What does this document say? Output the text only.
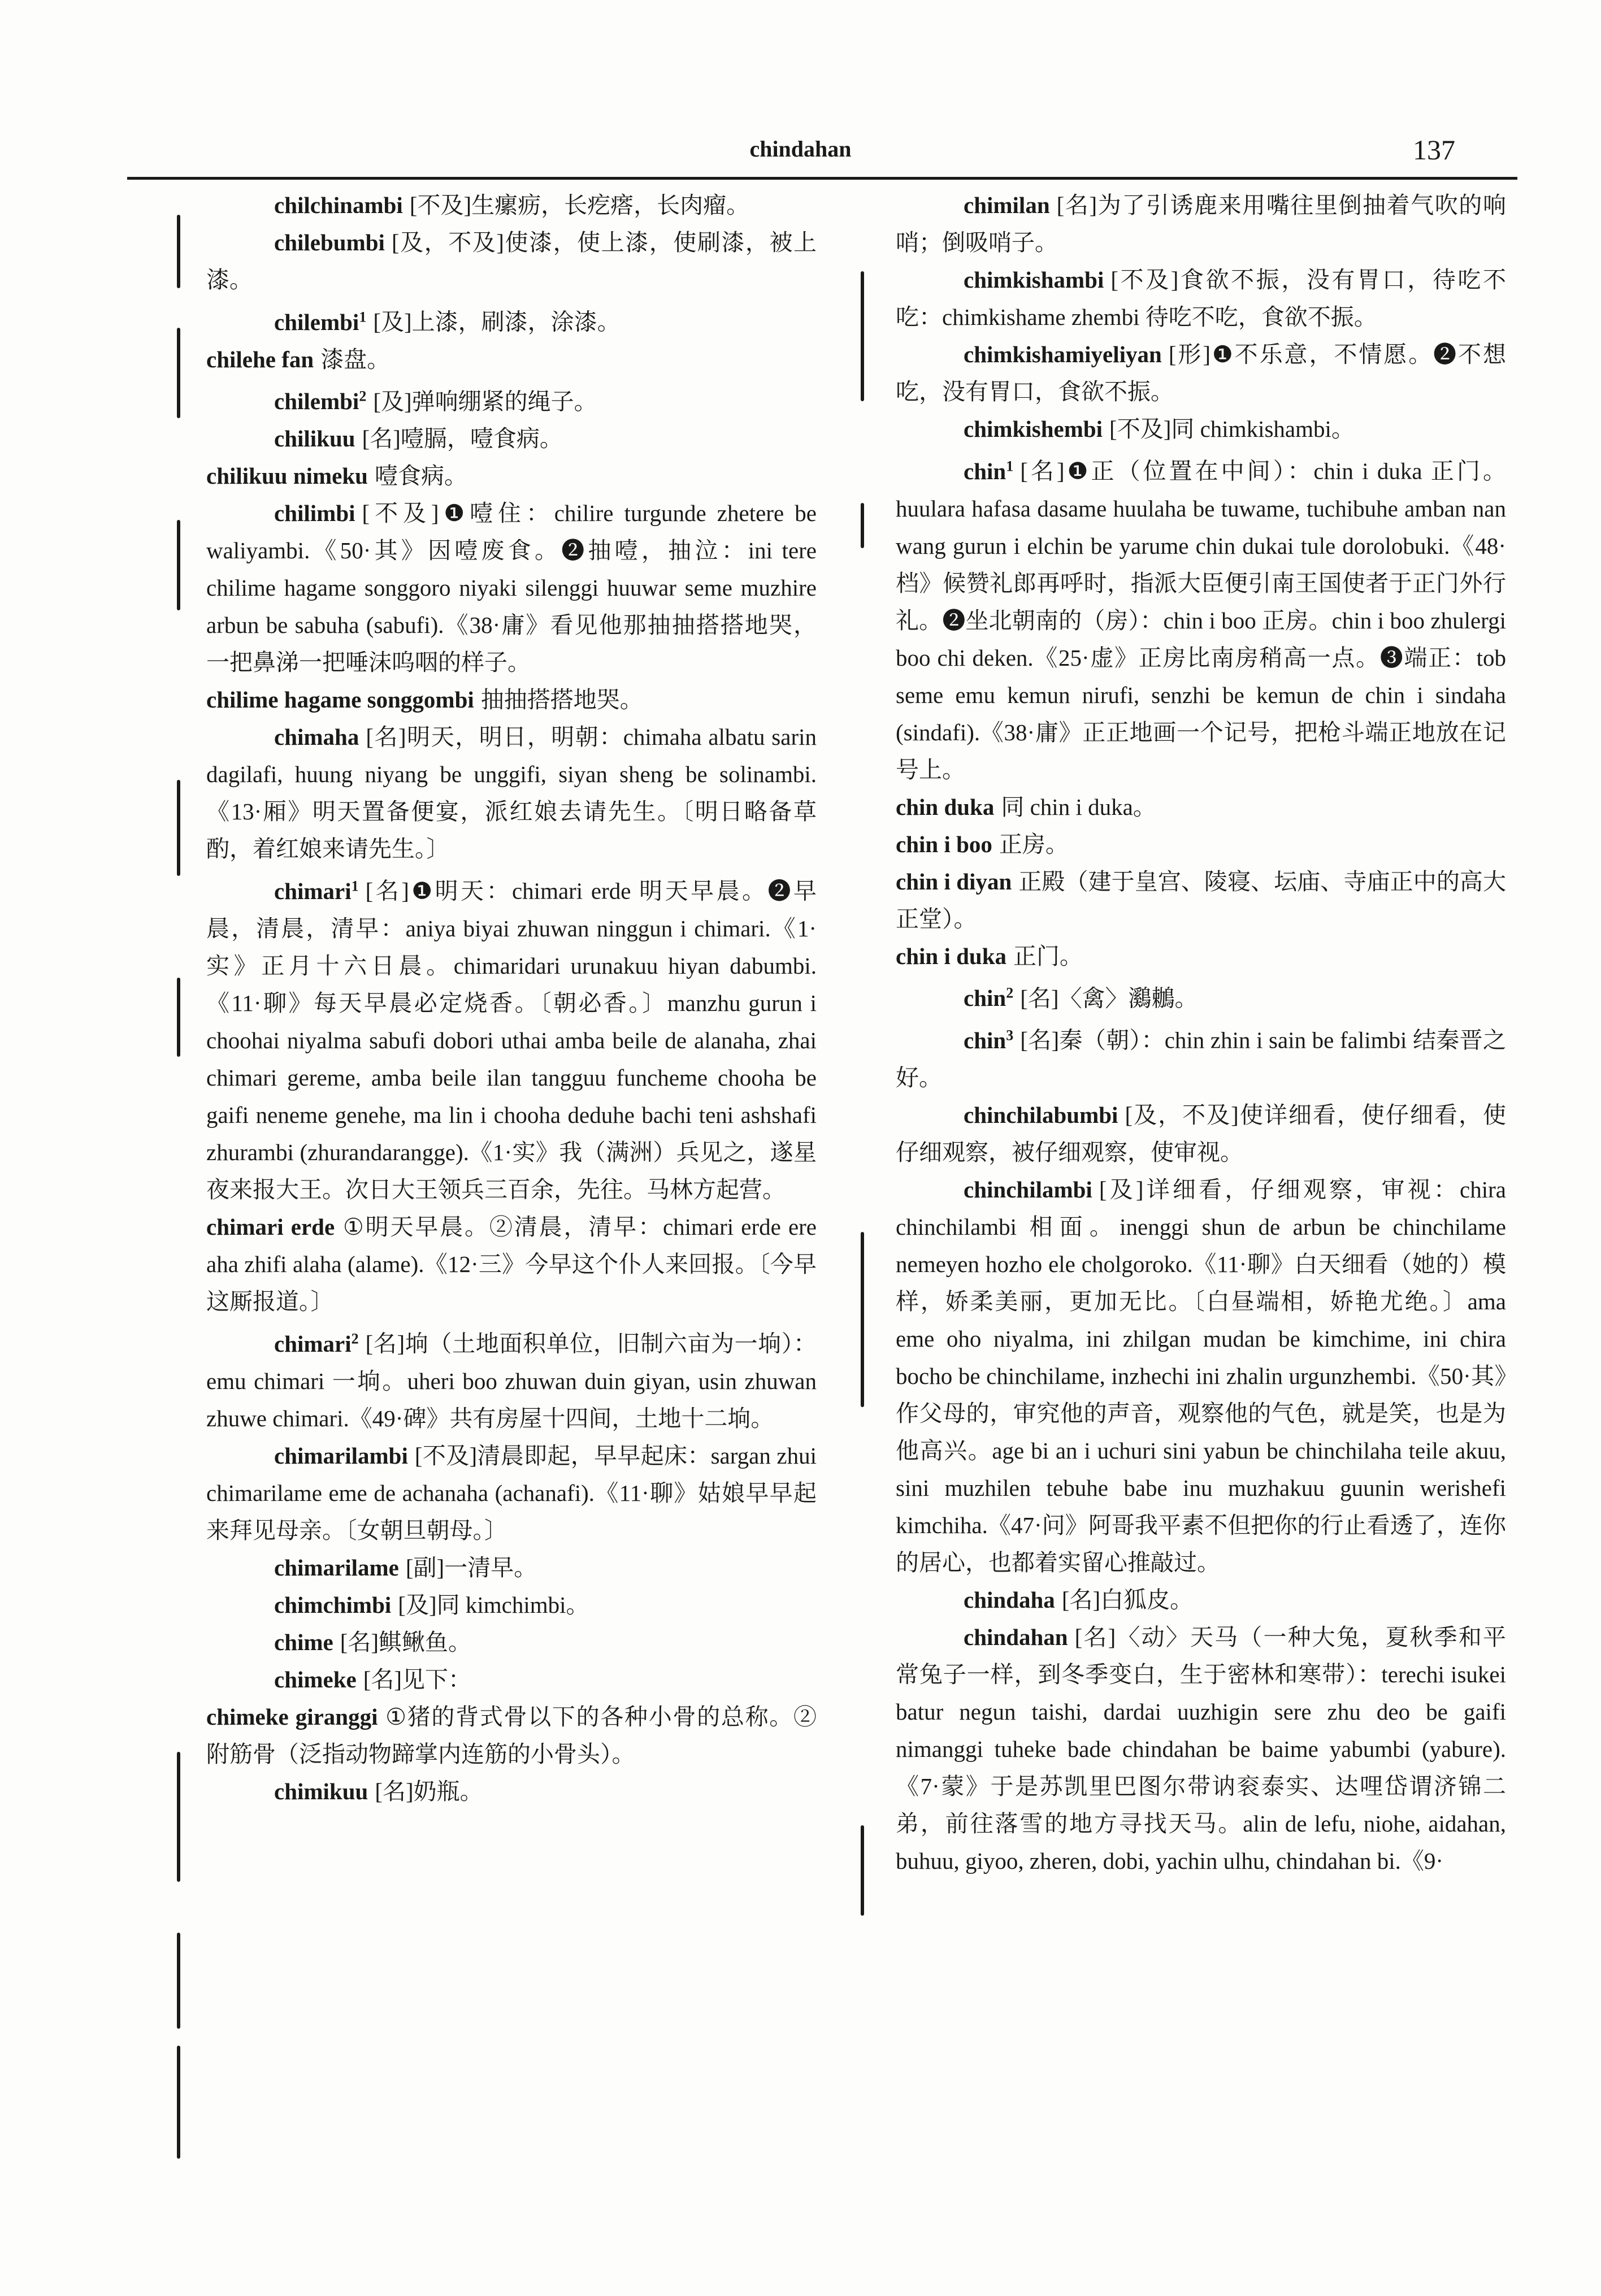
chindahan	137

chilchinambi [不及]生瘰疬，长疙瘩，长肉瘤。

chilebumbi [及，不及]使漆，使上漆，使刷漆，被上漆。

chilembi$^1$ [及]上漆，刷漆，涂漆。

chilehe fan 漆盘。

chilembi$^2$ [及]弹响绷紧的绳子。

chilikuu [名]噎膈，噎食病。

chilikuu nimeku 噎食病。

chilimbi [不及]❶噎住：chilire turgunde zhetere be waliyambi.《50·其》因噎废食。❷抽噎，抽泣：ini tere chilime hagame songgoro niyaki silenggi huuwar seme muzhire arbun be sabuha (sabufi).《38·庸》看见他那抽抽搭搭地哭，一把鼻涕一把唾沫呜咽的样子。

chilime hagame songgombi 抽抽搭搭地哭。

chimaha [名]明天，明日，明朝：chimaha albatu sarin dagilafi, huung niyang be unggifi, siyan sheng be solinambi.《13·厢》明天置备便宴，派红娘去请先生。〔明日略备草酌，着红娘来请先生。〕

chimari$^1$ [名]❶明天：chimari erde 明天早晨。❷早晨，清晨，清早：aniya biyai zhuwan ninggun i chimari.《1·实》正月十六日晨。chimaridari urunakuu hiyan dabumbi.《11·聊》每天早晨必定烧香。〔朝必香。〕manzhu gurun i choohai niyalma sabufi dobori uthai amba beile de alanaha, zhai chimari gereme, amba beile ilan tangguu funcheme chooha be gaifi neneme genehe, ma lin i chooha deduhe bachi teni ashshafi zhurambi (zhurandarangge).《1·实》我（满洲）兵见之，遂星夜来报大王。次日大王领兵三百余，先往。马林方起营。

chimari erde ①明天早晨。②清晨，清早：chimari erde ere aha zhifi alaha (alame).《12·三》今早这个仆人来回报。〔今早这厮报道。〕

chimari$^2$ [名]垧（土地面积单位，旧制六亩为一垧）：emu chimari 一垧。uheri boo zhuwan duin giyan, usin zhuwan zhuwe chimari.《49·碑》共有房屋十四间，土地十二垧。

chimarilambi [不及]清晨即起，早早起床：sargan zhui chimarilame eme de achanaha (achanafi).《11·聊》姑娘早早起来拜见母亲。〔女朝旦朝母。〕

chimarilame [副]一清早。

chimchimbi [及]同 kimchimbi。

chime [名]鲯鳅鱼。

chimeke [名]见下：

chimeke giranggi ①猪的背式骨以下的各种小骨的总称。②附筋骨（泛指动物蹄掌内连筋的小骨头）。

chimikuu [名]奶瓶。

chimilan [名]为了引诱鹿来用嘴往里倒抽着气吹的响哨；倒吸哨子。

chimkishambi [不及]食欲不振，没有胃口，待吃不吃：chimkishame zhembi 待吃不吃，食欲不振。

chimkishamiyeliyan [形]❶不乐意，不情愿。❷不想吃，没有胃口，食欲不振。

chimkishembi [不及]同 chimkishambi。

chin$^1$ [名]❶正（位置在中间）：chin i duka 正门。huulara hafasa dasame huulaha be tuwame, tuchibuhe amban nan wang gurun i elchin be yarume chin dukai tule dorolobuki.《48·档》候赞礼郎再呼时，指派大臣便引南王国使者于正门外行礼。❷坐北朝南的（房）：chin i boo 正房。chin i boo zhulergi boo chi deken.《25·虚》正房比南房稍高一点。❸端正：tob seme emu kemun nirufi, senzhi be kemun de chin i sindaha (sindafi).《38·庸》正正地画一个记号，把枪斗端正地放在记号上。

chin duka 同 chin i duka。

chin i boo 正房。

chin i diyan 正殿（建于皇宫、陵寝、坛庙、寺庙正中的高大正堂）。

chin i duka 正门。

chin$^2$ [名]〈禽〉鸂鶒。

chin$^3$ [名]秦（朝）：chin zhin i sain be falimbi 结秦晋之好。

chinchilabumbi [及，不及]使详细看，使仔细看，使仔细观察，被仔细观察，使审视。

chinchilambi [及]详细看，仔细观察，审视：chira chinchilambi 相面。inenggi shun de arbun be chinchilame nemeyen hozho ele cholgoroko.《11·聊》白天细看（她的）模样，娇柔美丽，更加无比。〔白昼端相，娇艳尤绝。〕ama eme oho niyalma, ini zhilgan mudan be kimchime, ini chira bocho be chinchilame, inzhechi ini zhalin urgunzhembi.《50·其》作父母的，审究他的声音，观察他的气色，就是笑，也是为他高兴。age bi an i uchuri sini yabun be chinchilaha teile akuu, sini muzhilen tebuhe babe inu muzhakuu guunin werishefi kimchiha.《47·问》阿哥我平素不但把你的行止看透了，连你的居心，也都着实留心推敲过。

chindaha [名]白狐皮。

chindahan [名]〈动〉天马（一种大兔，夏秋季和平常兔子一样，到冬季变白，生于密林和寒带）：terechi isukei batur negun taishi, dardai uuzhigin sere zhu deo be gaifi nimanggi tuheke bade chindahan be baime yabumbi (yabure).《7·蒙》于是苏凯里巴图尔带讷衮泰实、达哩岱谓济锦二弟，前往落雪的地方寻找天马。alin de lefu, niohe, aidahan, buhuu, giyoo, zheren, dobi, yachin ulhu, chindahan bi.《9·
